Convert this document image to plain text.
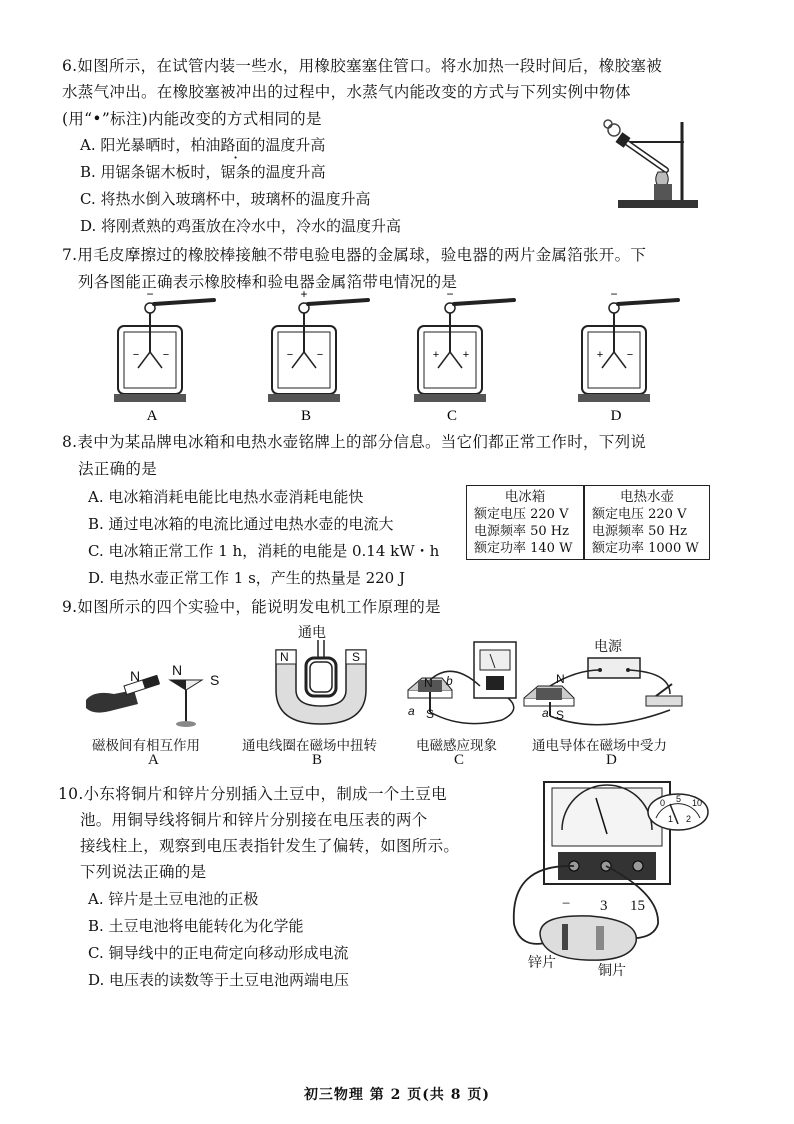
6.如图所示，在试管内装一些水，用橡胶塞塞住管口。将水加热一段时间后，橡胶塞被
水蒸气冲出。在橡胶塞被冲出的过程中，水蒸气内能改变的方式与下列实例中物体
(用“•”标注)内能改变的方式相同的是
A. 阳光暴晒时，柏油路面的温度升高
B. 用锯条锯木板时，锯条的温度升高
C. 将热水倒入玻璃杯中，玻璃杯的温度升高
D. 将刚煮熟的鸡蛋放在冷水中，冷水的温度升高
7.用毛皮摩擦过的橡胶棒接触不带电验电器的金属球，验电器的两片金属箔张开。下
列各图能正确表示橡胶棒和验电器金属箔带电情况的是
−
− −
A
+
− −
B
−
+ +
C
−
+ −
D
8.表中为某品牌电冰箱和电热水壶铭牌上的部分信息。当它们都正常工作时，下列说
法正确的是
A. 电冰箱消耗电能比电热水壶消耗电能快
B. 通过电冰箱的电流比通过电热水壶的电流大
C. 电冰箱正常工作 1 h，消耗的电能是 0.14 kW・h
D. 电热水壶正常工作 1 s，产生的热量是 220 J
电冰箱
额定电压 220 V
电源频率 50 Hz
额定功率 140 W
电热水壶
额定电压 220 V
电源频率 50 Hz
额定功率 1000 W
9.如图所示的四个实验中，能说明发电机工作原理的是
N N
S
通电
N	S
N b
a S
电源
N
a S
磁极间有相互作用	通电线圈在磁场中扭转	电磁感应现象	通电导体在磁场中受力
A	B	C	D
10.小东将铜片和锌片分别插入土豆中，制成一个土豆电
池。用铜导线将铜片和锌片分别接在电压表的两个
接线柱上，观察到电压表指针发生了偏转，如图所示。
下列说法正确的是
A. 锌片是土豆电池的正极
B. 土豆电池将电能转化为化学能
C. 铜导线中的正电荷定向移动形成电流
D. 电压表的读数等于土豆电池两端电压
− 3 15
0 5 10
1 2
锌片	铜片
初三物理 第 2 页(共 8 页)
